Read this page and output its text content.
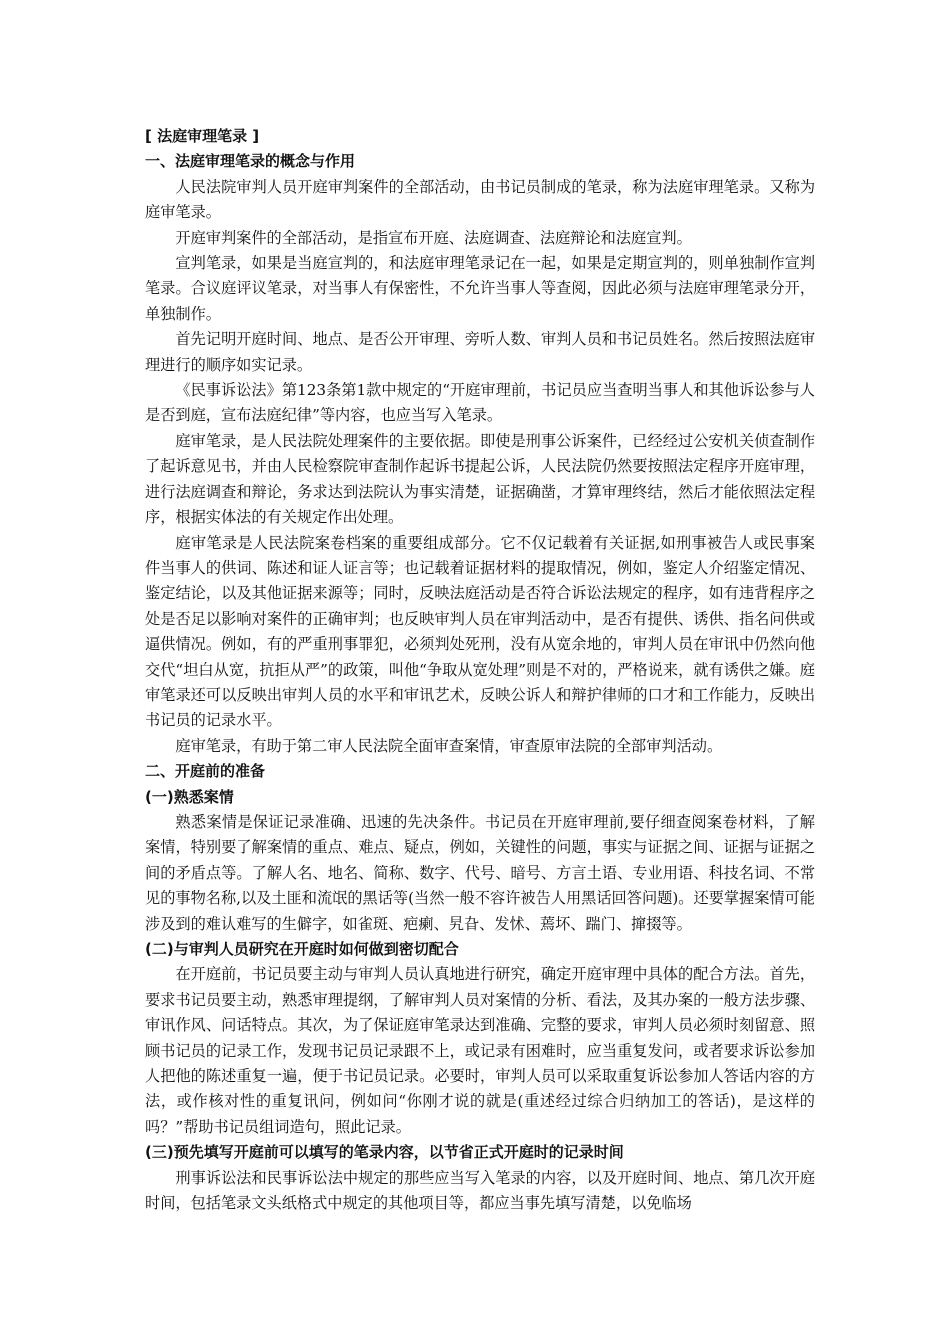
[ 法庭审理笔录 ]
一、法庭审理笔录的概念与作用

人民法院审判人员开庭审判案件的全部活动，由书记员制成的笔录，称为法庭审理笔录。又称为庭审笔录。

开庭审判案件的全部活动，是指宣布开庭、法庭调查、法庭辩论和法庭宣判。

宣判笔录，如果是当庭宣判的，和法庭审理笔录记在一起，如果是定期宣判的，则单独制作宣判笔录。合议庭评议笔录，对当事人有保密性，不允许当事人等查阅，因此必须与法庭审理笔录分开，单独制作。

首先记明开庭时间、地点、是否公开审理、旁听人数、审判人员和书记员姓名。然后按照法庭审理进行的顺序如实记录。

《民事诉讼法》第123条第1款中规定的“开庭审理前，书记员应当查明当事人和其他诉讼参与人是否到庭，宣布法庭纪律”等内容，也应当写入笔录。

庭审笔录，是人民法院处理案件的主要依据。即使是刑事公诉案件，已经经过公安机关侦查制作了起诉意见书，并由人民检察院审查制作起诉书提起公诉，人民法院仍然要按照法定程序开庭审理，进行法庭调查和辩论，务求达到法院认为事实清楚，证据确凿，才算审理终结，然后才能依照法定程序，根据实体法的有关规定作出处理。

庭审笔录是人民法院案卷档案的重要组成部分。它不仅记载着有关证据,如刑事被告人或民事案件当事人的供词、陈述和证人证言等；也记载着证据材料的提取情况，例如，鉴定人介绍鉴定情况、鉴定结论，以及其他证据来源等；同时，反映法庭活动是否符合诉讼法规定的程序，如有违背程序之处是否足以影响对案件的正确审判；也反映审判人员在审判活动中，是否有提供、诱供、指名问供或逼供情况。例如，有的严重刑事罪犯，必须判处死刑，没有从宽余地的，审判人员在审讯中仍然向他交代“坦白从宽，抗拒从严”的政策，叫他“争取从宽处理”则是不对的，严格说来，就有诱供之嫌。庭审笔录还可以反映出审判人员的水平和审讯艺术，反映公诉人和辩护律师的口才和工作能力，反映出书记员的记录水平。

庭审笔录，有助于第二审人民法院全面审查案情，审查原审法院的全部审判活动。

二、开庭前的准备
(一)熟悉案情

熟悉案情是保证记录准确、迅速的先决条件。书记员在开庭审理前,要仔细查阅案卷材料，了解案情，特别要了解案情的重点、难点、疑点，例如，关键性的问题，事实与证据之间、证据与证据之间的矛盾点等。了解人名、地名、简称、数字、代号、暗号、方言土语、专业用语、科技名词、不常见的事物名称,以及土匪和流氓的黑话等(当然一般不容许被告人用黑话回答问题)。还要掌握案情可能涉及到的难认难写的生僻字，如雀斑、疤瘌、旯旮、发怵、蔫坏、踹门、撺掇等。

(二)与审判人员研究在开庭时如何做到密切配合

在开庭前，书记员要主动与审判人员认真地进行研究，确定开庭审理中具体的配合方法。首先，要求书记员要主动，熟悉审理提纲，了解审判人员对案情的分析、看法，及其办案的一般方法步骤、审讯作风、问话特点。其次，为了保证庭审笔录达到准确、完整的要求，审判人员必须时刻留意、照顾书记员的记录工作，发现书记员记录跟不上，或记录有困难时，应当重复发问，或者要求诉讼参加人把他的陈述重复一遍，便于书记员记录。必要时，审判人员可以采取重复诉讼参加人答话内容的方法，或作核对性的重复讯问，例如问“你刚才说的就是(重述经过综合归纳加工的答话)，是这样的吗？”帮助书记员组词造句，照此记录。

(三)预先填写开庭前可以填写的笔录内容，以节省正式开庭时的记录时间

刑事诉讼法和民事诉讼法中规定的那些应当写入笔录的内容，以及开庭时间、地点、第几次开庭时间，包括笔录文头纸格式中规定的其他项目等，都应当事先填写清楚，以免临场
